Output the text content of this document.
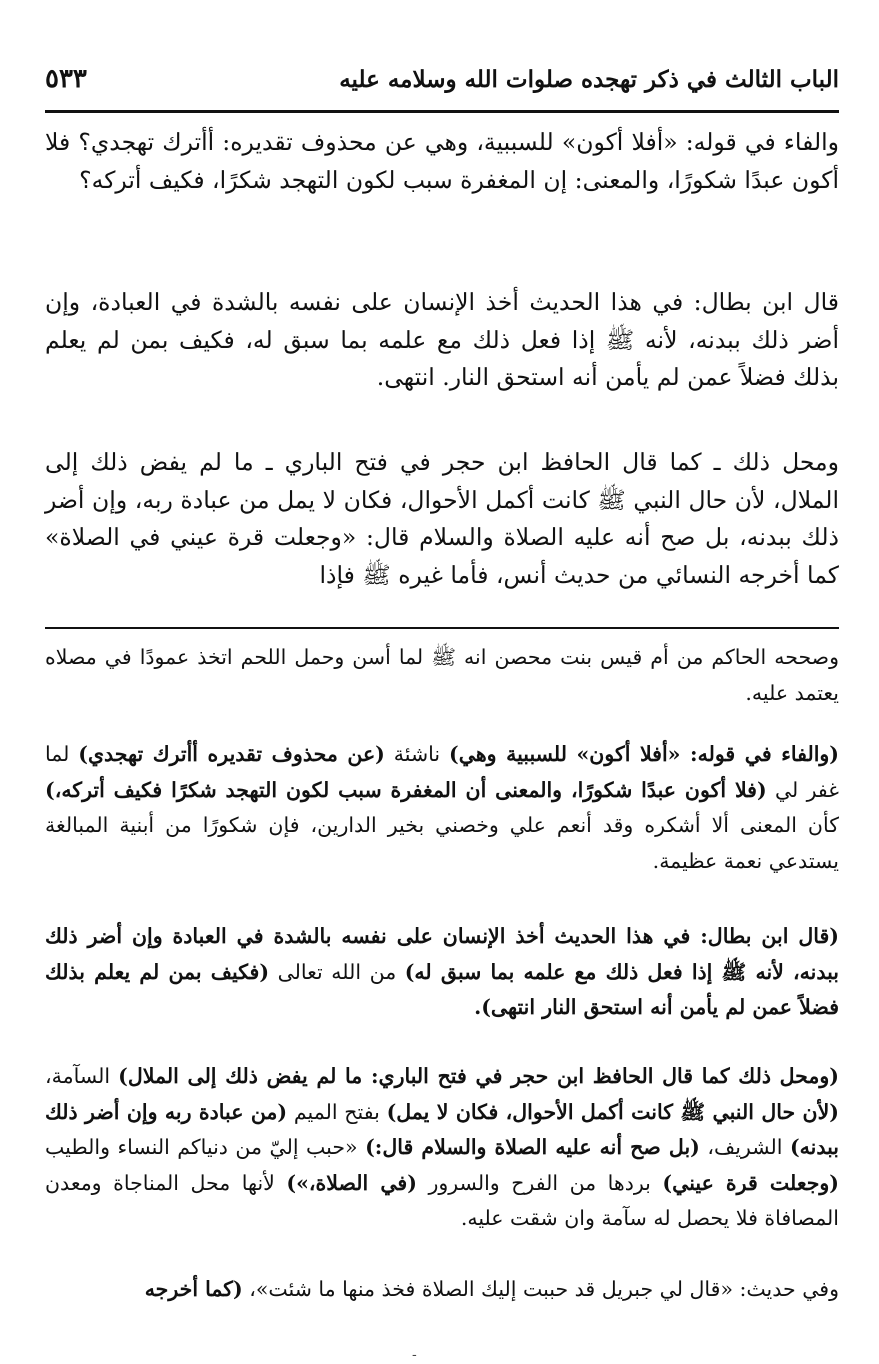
الباب الثالث في ذكر تهجده صلوات الله وسلامه عليه
٥٣٣

والفاء في قوله: «أفلا أكون» للسببية، وهي عن محذوف تقديره: أأترك تهجدي؟ فلا أكون عبدًا شكورًا، والمعنى: إن المغفرة سبب لكون التهجد شكرًا، فكيف أتركه؟

قال ابن بطال: في هذا الحديث أخذ الإنسان على نفسه بالشدة في العبادة، وإن أضر ذلك ببدنه، لأنه ﷺ إذا فعل ذلك مع علمه بما سبق له، فكيف بمن لم يعلم بذلك فضلاً عمن لم يأمن أنه استحق النار. انتهى.

ومحل ذلك ـ كما قال الحافظ ابن حجر في فتح الباري ـ ما لم يفض ذلك إلى الملال، لأن حال النبي ﷺ كانت أكمل الأحوال، فكان لا يمل من عبادة ربه، وإن أضر ذلك ببدنه، بل صح أنه عليه الصلاة والسلام قال: «وجعلت قرة عيني في الصلاة» كما أخرجه النسائي من حديث أنس، فأما غيره ﷺ فإذا

وصححه الحاكم من أم قيس بنت محصن انه ﷺ لما أسن وحمل اللحم اتخذ عمودًا في مصلاه يعتمد عليه.

(والفاء في قوله: «أفلا أكون» للسببية وهي) ناشئة (عن محذوف تقديره أأترك تهجدي) لما غفر لي (فلا أكون عبدًا شكورًا، والمعنى أن المغفرة سبب لكون التهجد شكرًا فكيف أتركه،) كأن المعنى ألا أشكره وقد أنعم علي وخصني بخير الدارين، فإن شكورًا من أبنية المبالغة يستدعي نعمة عظيمة.

(قال ابن بطال: في هذا الحديث أخذ الإنسان على نفسه بالشدة في العبادة وإن أضر ذلك ببدنه، لأنه ﷺ إذا فعل ذلك مع علمه بما سبق له) من الله تعالى (فكيف بمن لم يعلم بذلك فضلاً عمن لم يأمن أنه استحق النار انتهى).

(ومحل ذلك كما قال الحافظ ابن حجر في فتح الباري: ما لم يفض ذلك إلى الملال) السآمة، (لأن حال النبي ﷺ كانت أكمل الأحوال، فكان لا يمل) بفتح الميم (من عبادة ربه وإن أضر ذلك ببدنه) الشريف، (بل صح أنه عليه الصلاة والسلام قال:) «حبب إليّ من دنياكم النساء والطيب (وجعلت قرة عيني) بردها من الفرح والسرور (في الصلاة،») لأنها محل المناجاة ومعدن المصافاة فلا يحصل له سآمة وان شقت عليه.

وفي حديث: «قال لي جبريل قد حببت إليك الصلاة فخذ منها ما شئت»، (كما أخرجه

-
